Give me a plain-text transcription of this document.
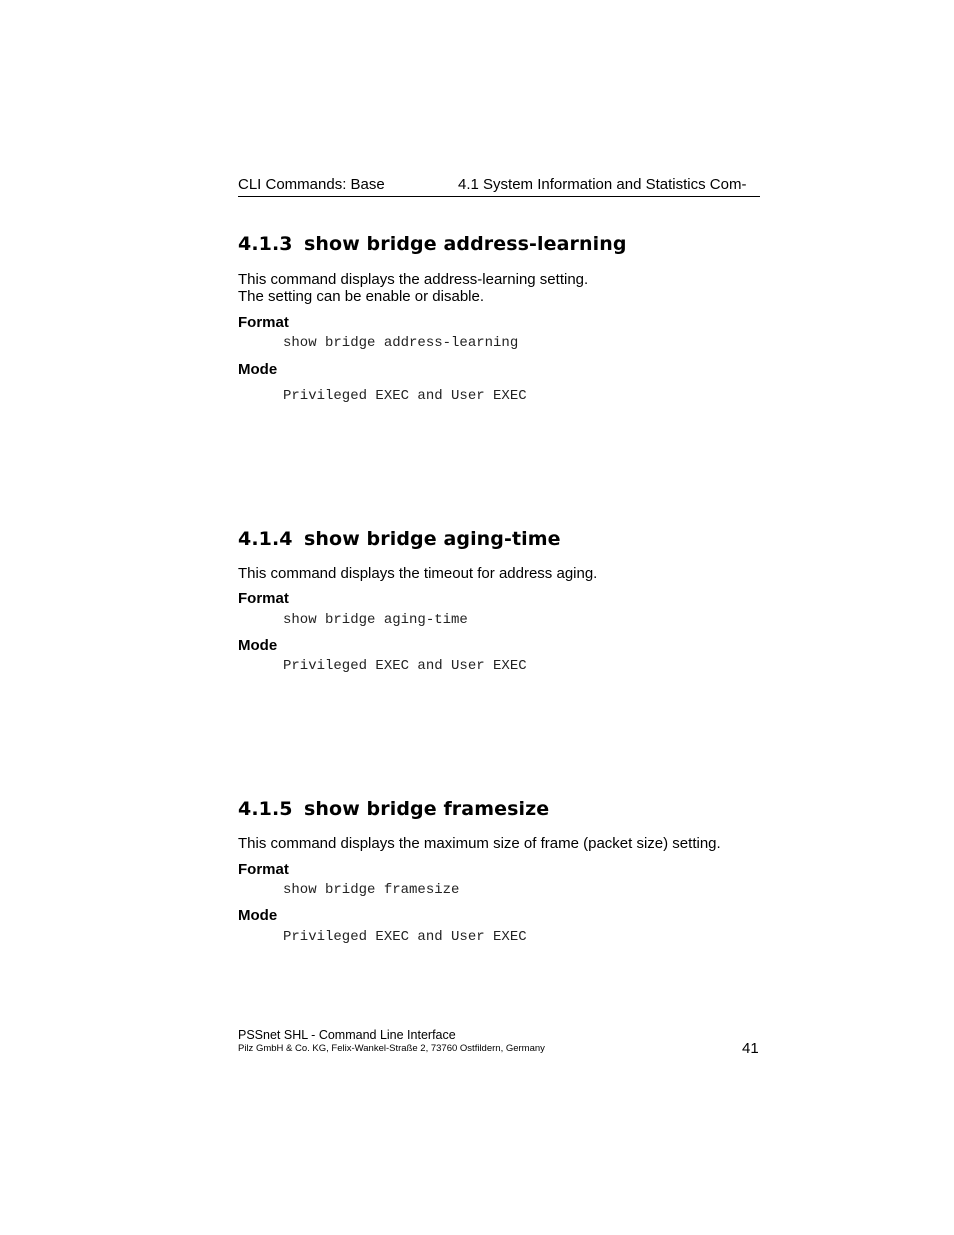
CLI Commands: Base	4.1 System Information and Statistics Com-
4.1.3 show bridge address-learning
This command displays the address-learning setting.
The setting can be enable or disable.
Format
show bridge address-learning
Mode
Privileged EXEC and User EXEC
4.1.4 show bridge aging-time
This command displays the timeout for address aging.
Format
show bridge aging-time
Mode
Privileged EXEC and User EXEC
4.1.5 show bridge framesize
This command displays the maximum size of frame (packet size) setting.
Format
show bridge framesize
Mode
Privileged EXEC and User EXEC
PSSnet SHL - Command Line Interface
Pilz GmbH & Co. KG, Felix-Wankel-Straße 2, 73760 Ostfildern, Germany	41
